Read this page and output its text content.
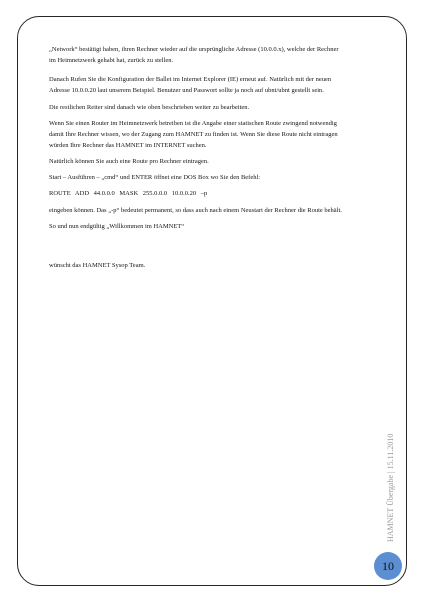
„Network“ bestätigt haben, ihren Rechner wieder auf die ursprüngliche Adresse (10.0.0.x), welche der Rechner
im Heimnetzwerk gehabt hat, zurück zu stellen.
Danach Rufen Sie die Konfiguration der Ballet im Internet Explorer (IE) erneut auf. Natürlich mit der neuen
Adresse 10.0.0.20 laut unserem Beispiel. Benutzer und Passwort sollte ja noch auf ubnt/ubnt gestellt sein.
Die restlichen Reiter sind danach wie oben beschrieben weiter zu bearbeiten.
Wenn Sie einen Router im Heimnetzwerk betreiben ist die Angabe einer statischen Route zwingend notwendig
damit Ihre Rechner wissen, wo der Zugang zum HAMNET zu finden ist. Wenn Sie diese Route nicht eintragen
würden Ihre Rechner das HAMNET im INTERNET suchen.
Natürlich können Sie auch eine Route pro Rechner eintragen.
Start – Ausführen – „cmd“ und ENTER öffnet eine DOS Box wo Sie den Befehl:
ROUTE ADD 44.0.0.0 MASK 255.0.0.0 10.0.0.20 –p
eingeben können. Das „-p“ bedeutet permanent, so dass auch nach einem Neustart der Rechner die Route behält.
So und nun endgültig „Willkommen im HAMNET“
wünscht das HAMNET Sysop Team.
HAMNET Übergabe | 15.11.2010
10
